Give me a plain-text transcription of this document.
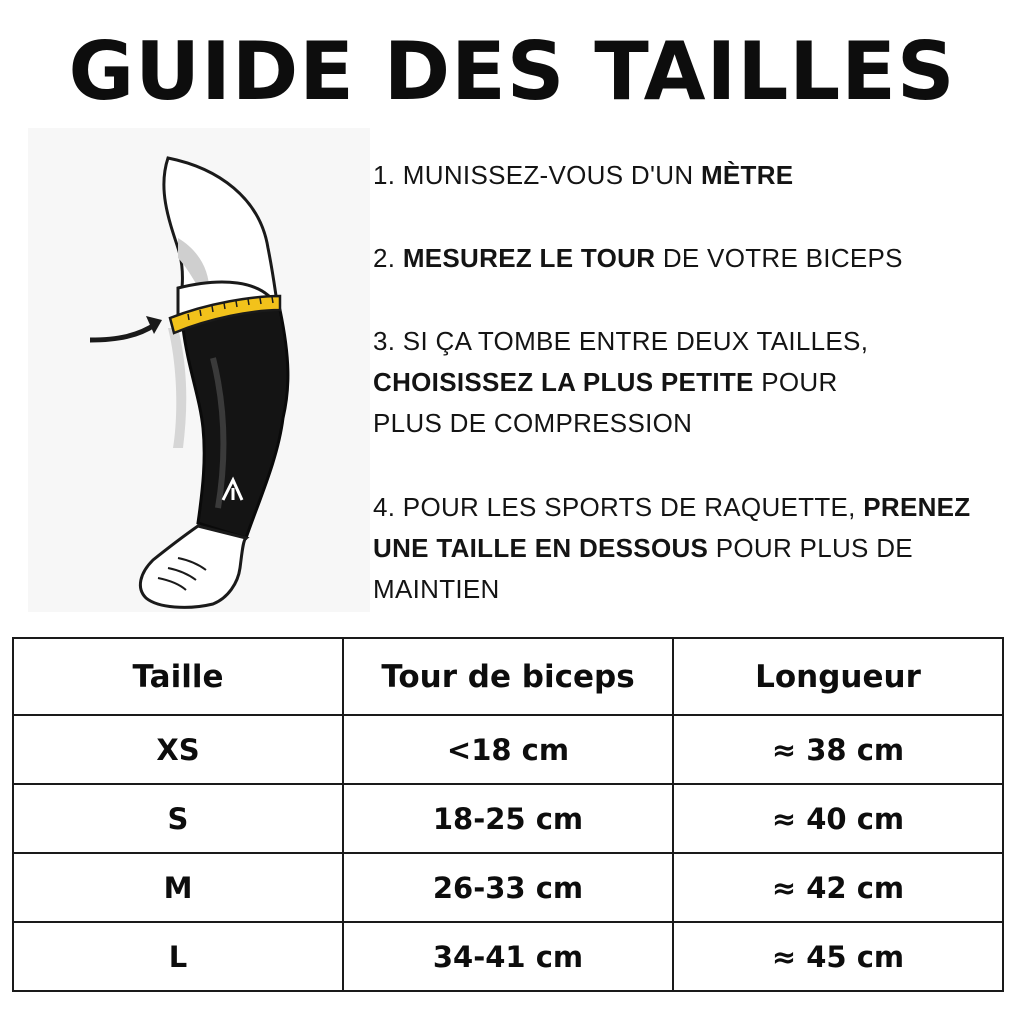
GUIDE DES TAILLES
1. MUNISSEZ-VOUS D'UN MÈTRE
2. MESUREZ LE TOUR DE VOTRE BICEPS
3. SI ÇA TOMBE ENTRE DEUX TAILLES,
CHOISISSEZ LA PLUS PETITE POUR
PLUS DE COMPRESSION
4. POUR LES SPORTS DE RAQUETTE, PRENEZ
UNE TAILLE EN DESSOUS POUR PLUS DE
MAINTIEN
Taille	Tour de biceps	Longueur
XS	<18 cm	≈ 38 cm
S	18-25 cm	≈ 40 cm
M	26-33 cm	≈ 42 cm
L	34-41 cm	≈ 45 cm
